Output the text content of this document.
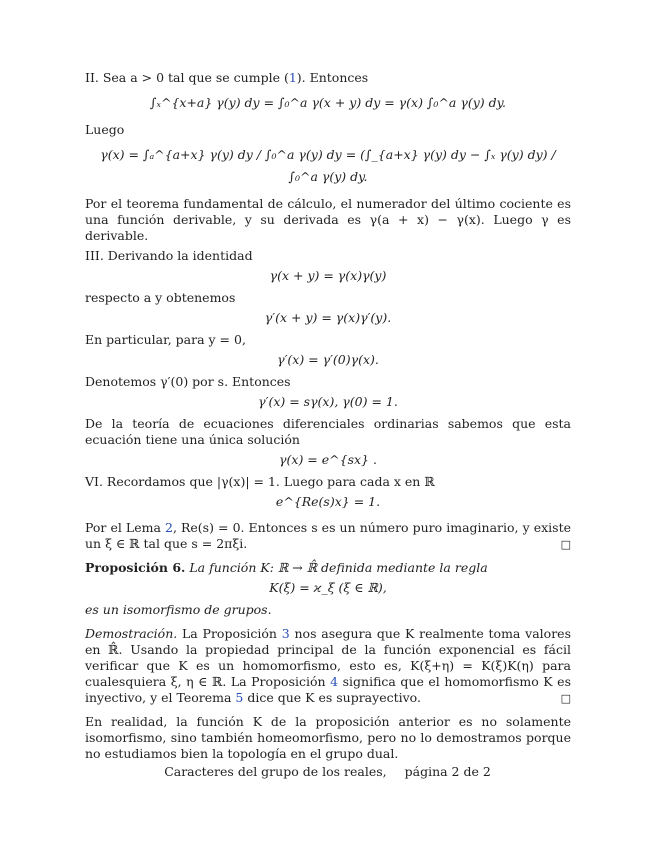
II. Sea a > 0 tal que se cumple (1). Entonces

∫ₓ^{x+a} γ(y) dy = ∫₀^a γ(x + y) dy = γ(x) ∫₀^a γ(y) dy.

Luego

γ(x) = ∫ₐ^{a+x} γ(y) dy / ∫₀^a γ(y) dy = (∫_{a+x} γ(y) dy − ∫ₓ γ(y) dy) / ∫₀^a γ(y) dy.

Por el teorema fundamental de cálculo, el numerador del último cociente es una función derivable, y su derivada es γ(a + x) − γ(x). Luego γ es derivable.

III. Derivando la identidad

γ(x + y) = γ(x)γ(y)

respecto a y obtenemos

γ′(x + y) = γ(x)γ′(y).

En particular, para y = 0,

γ′(x) = γ′(0)γ(x).

Denotemos γ′(0) por s. Entonces

γ′(x) = sγ(x), γ(0) = 1.

De la teoría de ecuaciones diferenciales ordinarias sabemos que esta ecuación tiene una única solución

γ(x) = e^{sx} .

VI. Recordamos que |γ(x)| = 1. Luego para cada x en ℝ

e^{Re(s)x} = 1.

Por el Lema 2, Re(s) = 0. Entonces s es un número puro imaginario, y existe un ξ ∈ ℝ tal que s = 2πξi.	□

Proposición 6. La función K: ℝ → ℝ̂ definida mediante la regla

K(ξ) = ϰ_ξ (ξ ∈ ℝ),

es un isomorfismo de grupos.

Demostración. La Proposición 3 nos asegura que K realmente toma valores en ℝ̂. Usando la propiedad principal de la función exponencial es fácil verificar que K es un homomorfismo, esto es, K(ξ+η) = K(ξ)K(η) para cualesquiera ξ, η ∈ ℝ. La Proposición 4 significa que el homomorfismo K es inyectivo, y el Teorema 5 dice que K es suprayectivo.	□

En realidad, la función K de la proposición anterior es no solamente isomorfismo, sino también homeomorfismo, pero no lo demostramos porque no estudiamos bien la topología en el grupo dual.

Caracteres del grupo de los reales, página 2 de 2
